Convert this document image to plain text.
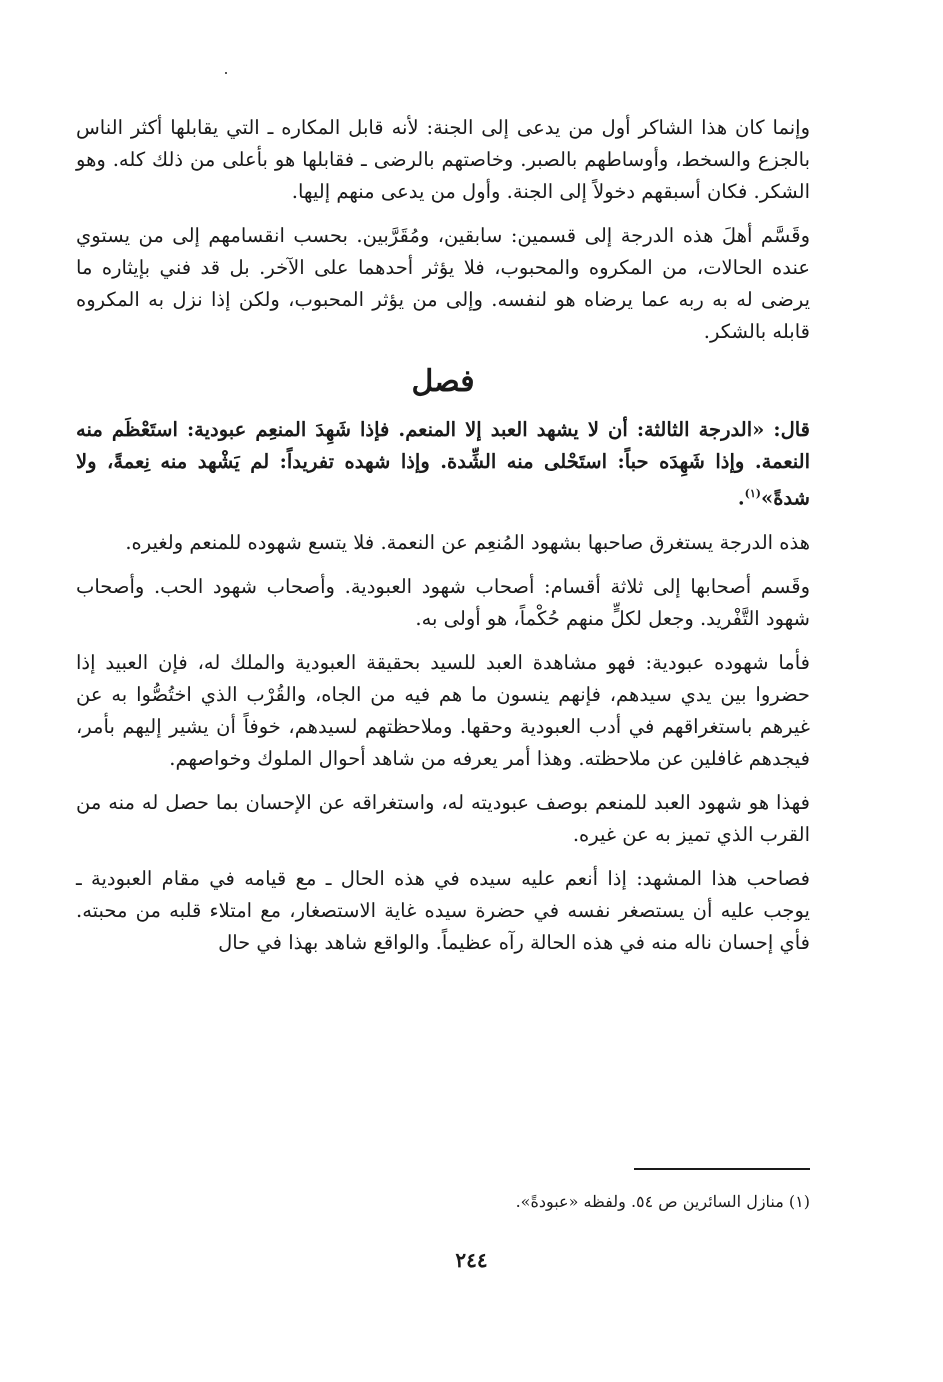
وإنما كان هذا الشاكر أول من يدعى إلى الجنة: لأنه قابل المكاره ـ التي يقابلها أكثر الناس بالجزع والسخط، وأوساطهم بالصبر. وخاصتهم بالرضى ـ فقابلها هو بأعلى من ذلك كله. وهو الشكر. فكان أسبقهم دخولاً إلى الجنة. وأول من يدعى منهم إليها.

وقَسَّم أهلَ هذه الدرجة إلى قسمين: سابقين، ومُقَرَّبين. بحسب انقسامهم إلى من يستوي عنده الحالات، من المكروه والمحبوب، فلا يؤثر أحدهما على الآخر. بل قد فني بإيثاره ما يرضى له به ربه عما يرضاه هو لنفسه. وإلى من يؤثر المحبوب، ولكن إذا نزل به المكروه قابله بالشكر.

فصل

قال: «الدرجة الثالثة: أن لا يشهد العبد إلا المنعم. فإذا شَهِدَ المنعِم عبودية: استَعْظَم منه النعمة. وإذا شَهِدَه حباً: استَحْلى منه الشِّدة. وإذا شهده تفريداً: لم يَشْهد منه نِعمةً، ولا شدةً»$^{(١)}$.

هذه الدرجة يستغرق صاحبها بشهود المُنعِم عن النعمة. فلا يتسع شهوده للمنعم ولغيره.

وقَسم أصحابها إلى ثلاثة أقسام: أصحاب شهود العبودية. وأصحاب شهود الحب. وأصحاب شهود التَّفْريد. وجعل لكلٍّ منهم حُكْماً، هو أولى به.

فأما شهوده عبودية: فهو مشاهدة العبد للسيد بحقيقة العبودية والملك له، فإن العبيد إذا حضروا بين يدي سيدهم، فإنهم ينسون ما هم فيه من الجاه، والقُرْب الذي اختُصُّوا به عن غيرهم باستغراقهم في أدب العبودية وحقها. وملاحظتهم لسيدهم، خوفاً أن يشير إليهم بأمر، فيجدهم غافلين عن ملاحظته. وهذا أمر يعرفه من شاهد أحوال الملوك وخواصهم.

فهذا هو شهود العبد للمنعم بوصف عبوديته له، واستغراقه عن الإحسان بما حصل له منه من القرب الذي تميز به عن غيره.

فصاحب هذا المشهد: إذا أنعم عليه سيده في هذه الحال ـ مع قيامه في مقام العبودية ـ يوجب عليه أن يستصغر نفسه في حضرة سيده غاية الاستصغار، مع امتلاء قلبه من محبته. فأي إحسان ناله منه في هذه الحالة رآه عظيماً. والواقع شاهد بهذا في حال

(١) منازل السائرين ص ٥٤. ولفظه «عبودةً».
٢٤٤
